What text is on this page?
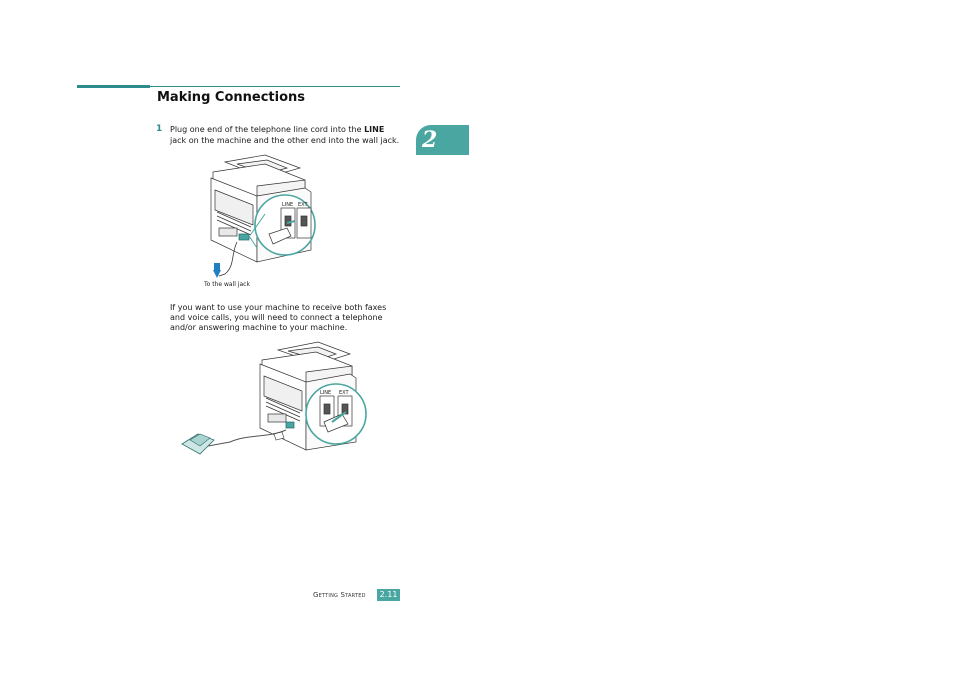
Making Connections
2
1 Plug one end of the telephone line cord into the LINE jack on the machine and the other end into the wall jack.
LINE EXT
To the wall jack
If you want to use your machine to receive both faxes and voice calls, you will need to connect a telephone and/or answering machine to your machine.
LINE EXT
Getting Started	2.11
